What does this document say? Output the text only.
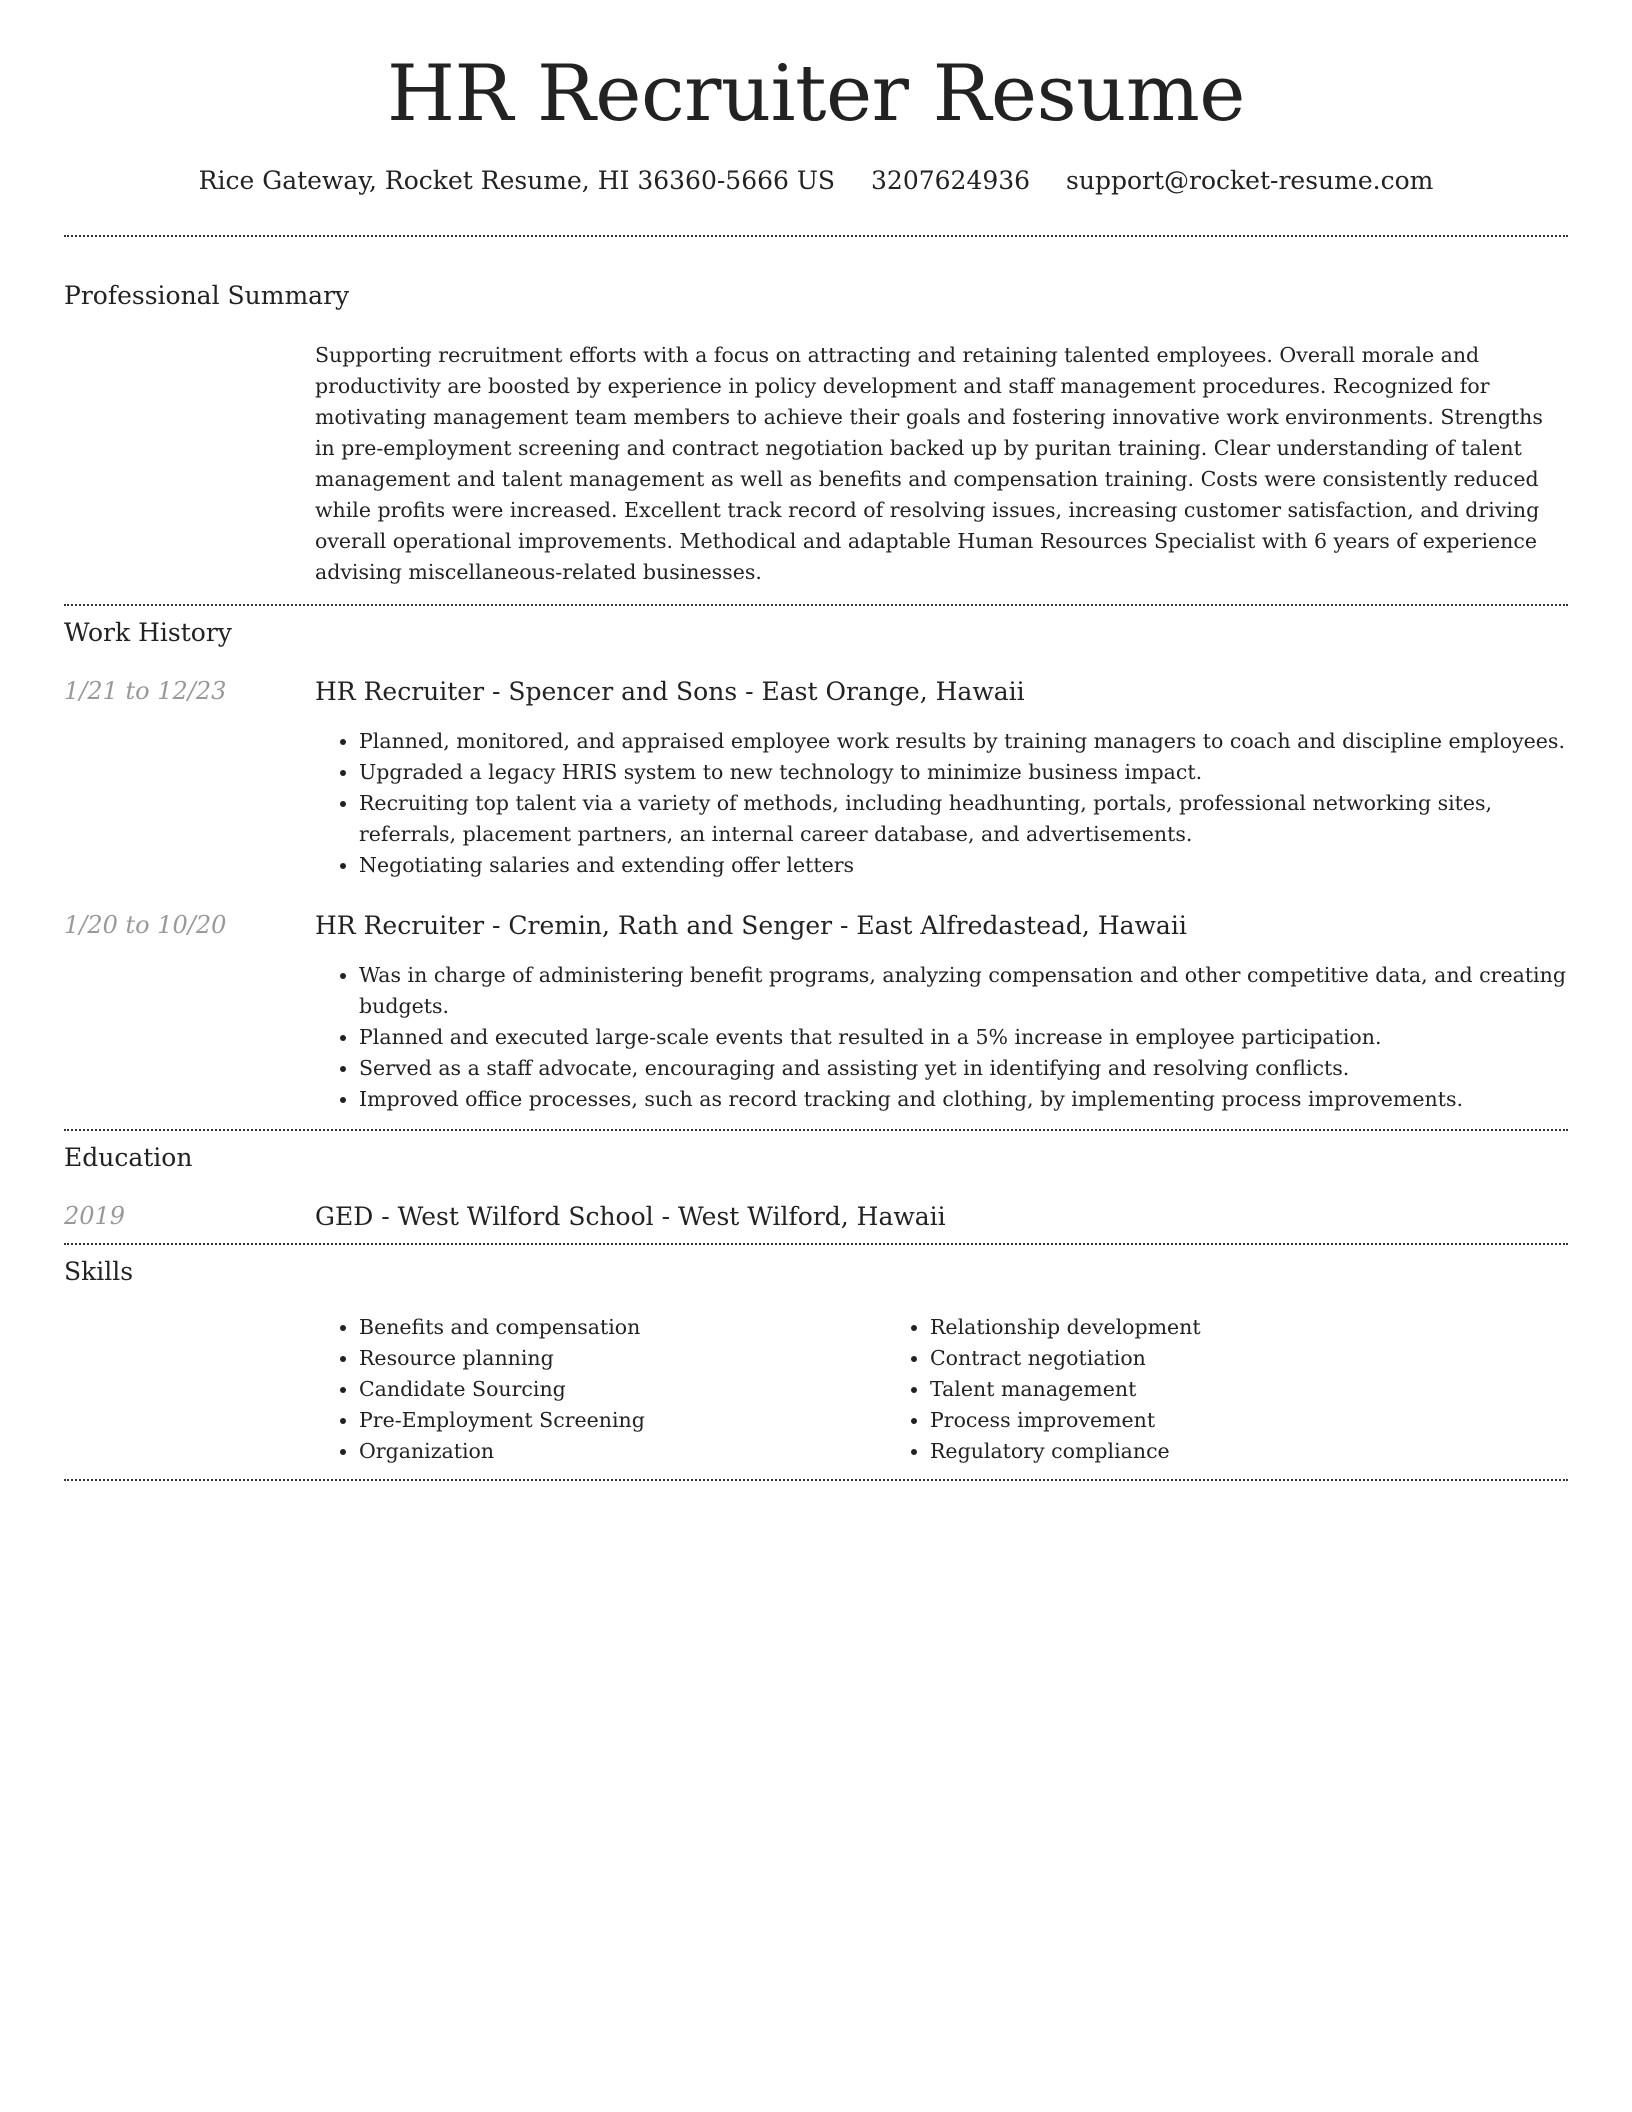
HR Recruiter Resume
Rice Gateway, Rocket Resume, HI 36360-5666 US 3207624936 support@rocket-resume.com
Professional Summary

Supporting recruitment efforts with a focus on attracting and retaining talented employees. Overall morale and productivity are boosted by experience in policy development and staff management procedures. Recognized for motivating management team members to achieve their goals and fostering innovative work environments. Strengths in pre-employment screening and contract negotiation backed up by puritan training. Clear understanding of talent management and talent management as well as benefits and compensation training. Costs were consistently reduced while profits were increased. Excellent track record of resolving issues, increasing customer satisfaction, and driving overall operational improvements. Methodical and adaptable Human Resources Specialist with 6 years of experience advising miscellaneous-related businesses.

Work History
1/21 to 12/23	HR Recruiter - Spencer and Sons - East Orange, Hawaii
• Planned, monitored, and appraised employee work results by training managers to coach and discipline employees.
• Upgraded a legacy HRIS system to new technology to minimize business impact.
• Recruiting top talent via a variety of methods, including headhunting, portals, professional networking sites, referrals, placement partners, an internal career database, and advertisements.
• Negotiating salaries and extending offer letters
1/20 to 10/20	HR Recruiter - Cremin, Rath and Senger - East Alfredastead, Hawaii
• Was in charge of administering benefit programs, analyzing compensation and other competitive data, and creating budgets.
• Planned and executed large-scale events that resulted in a 5% increase in employee participation.
• Served as a staff advocate, encouraging and assisting yet in identifying and resolving conflicts.
• Improved office processes, such as record tracking and clothing, by implementing process improvements.
Education
2019	GED - West Wilford School - West Wilford, Hawaii
Skills
• Benefits and compensation
• Resource planning
• Candidate Sourcing
• Pre-Employment Screening
• Organization
• Relationship development
• Contract negotiation
• Talent management
• Process improvement
• Regulatory compliance
